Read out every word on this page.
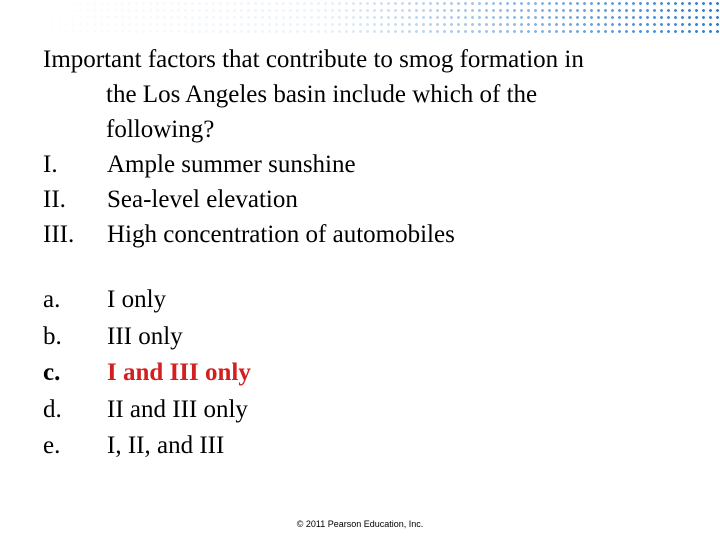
Important factors that contribute to smog formation in
the Los Angeles basin include which of the
following?
I.	Ample summer sunshine
II.	Sea-level elevation
III.	High concentration of automobiles
a.	I only
b.	III only
c.	I and III only
d.	II and III only
e.	I, II, and III
© 2011 Pearson Education, Inc.
